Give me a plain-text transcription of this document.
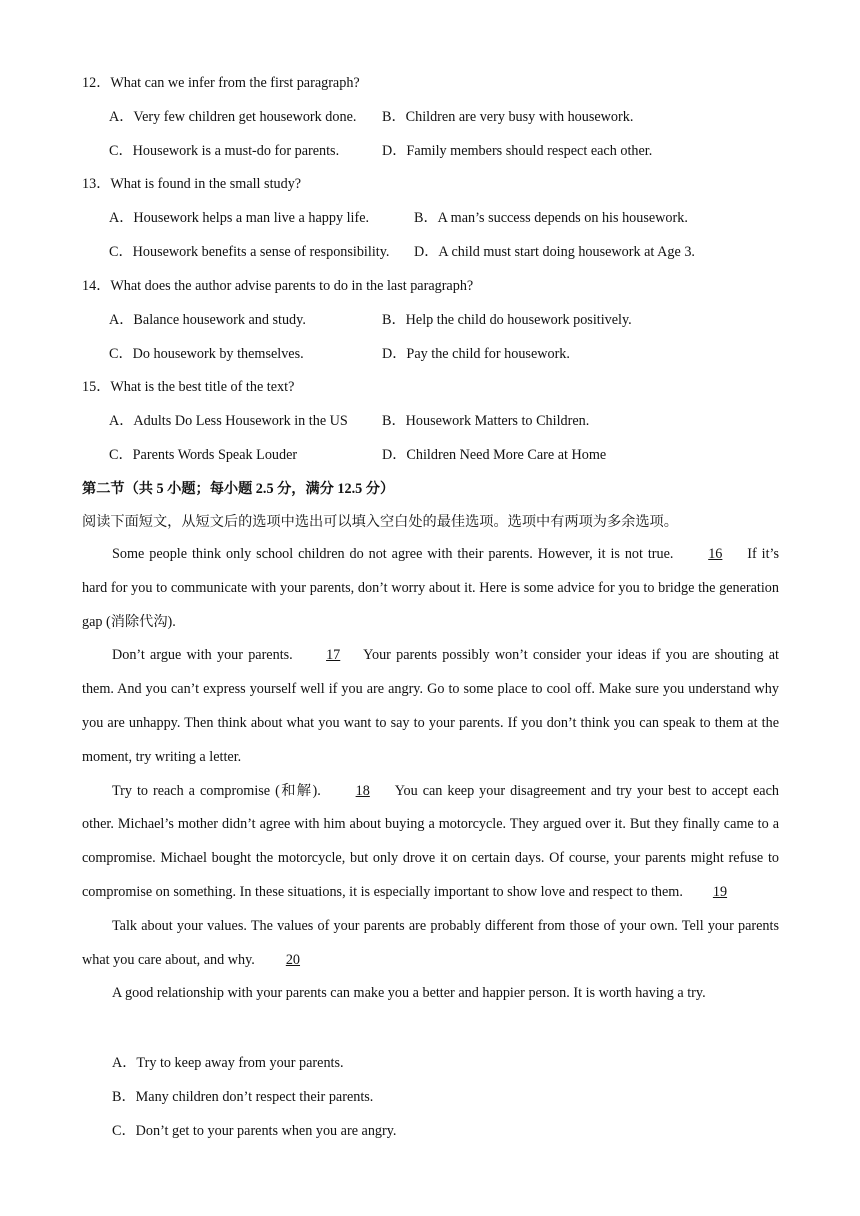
12．What can we infer from the first paragraph?
A．Very few children get housework done. B．Children are very busy with housework.
C．Housework is a must-do for parents.	D．Family members should respect each other.
13．What is found in the small study?
A．Housework helps a man live a happy life.	B．A man’s success depends on his housework.
C．Housework benefits a sense of responsibility. D．A child must start doing housework at Age 3.
14．What does the author advise parents to do in the last paragraph?
A．Balance housework and study.	B．Help the child do housework positively.
C．Do housework by themselves.	D．Pay the child for housework.
15．What is the best title of the text?
A．Adults Do Less Housework in the US B．Housework Matters to Children.
C．Parents Words Speak Louder	D．Children Need More Care at Home
第二节（共 5 小题；每小题 2.5 分，满分 12.5 分）
阅读下面短文，从短文后的选项中选出可以填入空白处的最佳选项。选项中有两项为多余选项。

Some people think only school children do not agree with their parents. However, it is not true. 16 If it’s hard for you to communicate with your parents, don’t worry about it. Here is some advice for you to bridge the generation gap (消除代沟).

Don’t argue with your parents. 17 Your parents possibly won’t consider your ideas if you are shouting at them. And you can’t express yourself well if you are angry. Go to some place to cool off. Make sure you understand why you are unhappy. Then think about what you want to say to your parents. If you don’t think you can speak to them at the moment, try writing a letter.

Try to reach a compromise (和解). 18 You can keep your disagreement and try your best to accept each other. Michael’s mother didn’t agree with him about buying a motorcycle. They argued over it. But they finally came to a compromise. Michael bought the motorcycle, but only drove it on certain days. Of course, your parents might refuse to compromise on something. In these situations, it is especially important to show love and respect to them. 19

Talk about your values. The values of your parents are probably different from those of your own. Tell your parents what you care about, and why. 20

A good relationship with your parents can make you a better and happier person. It is worth having a try.

A．Try to keep away from your parents.
B．Many children don’t respect their parents.
C．Don’t get to your parents when you are angry.
